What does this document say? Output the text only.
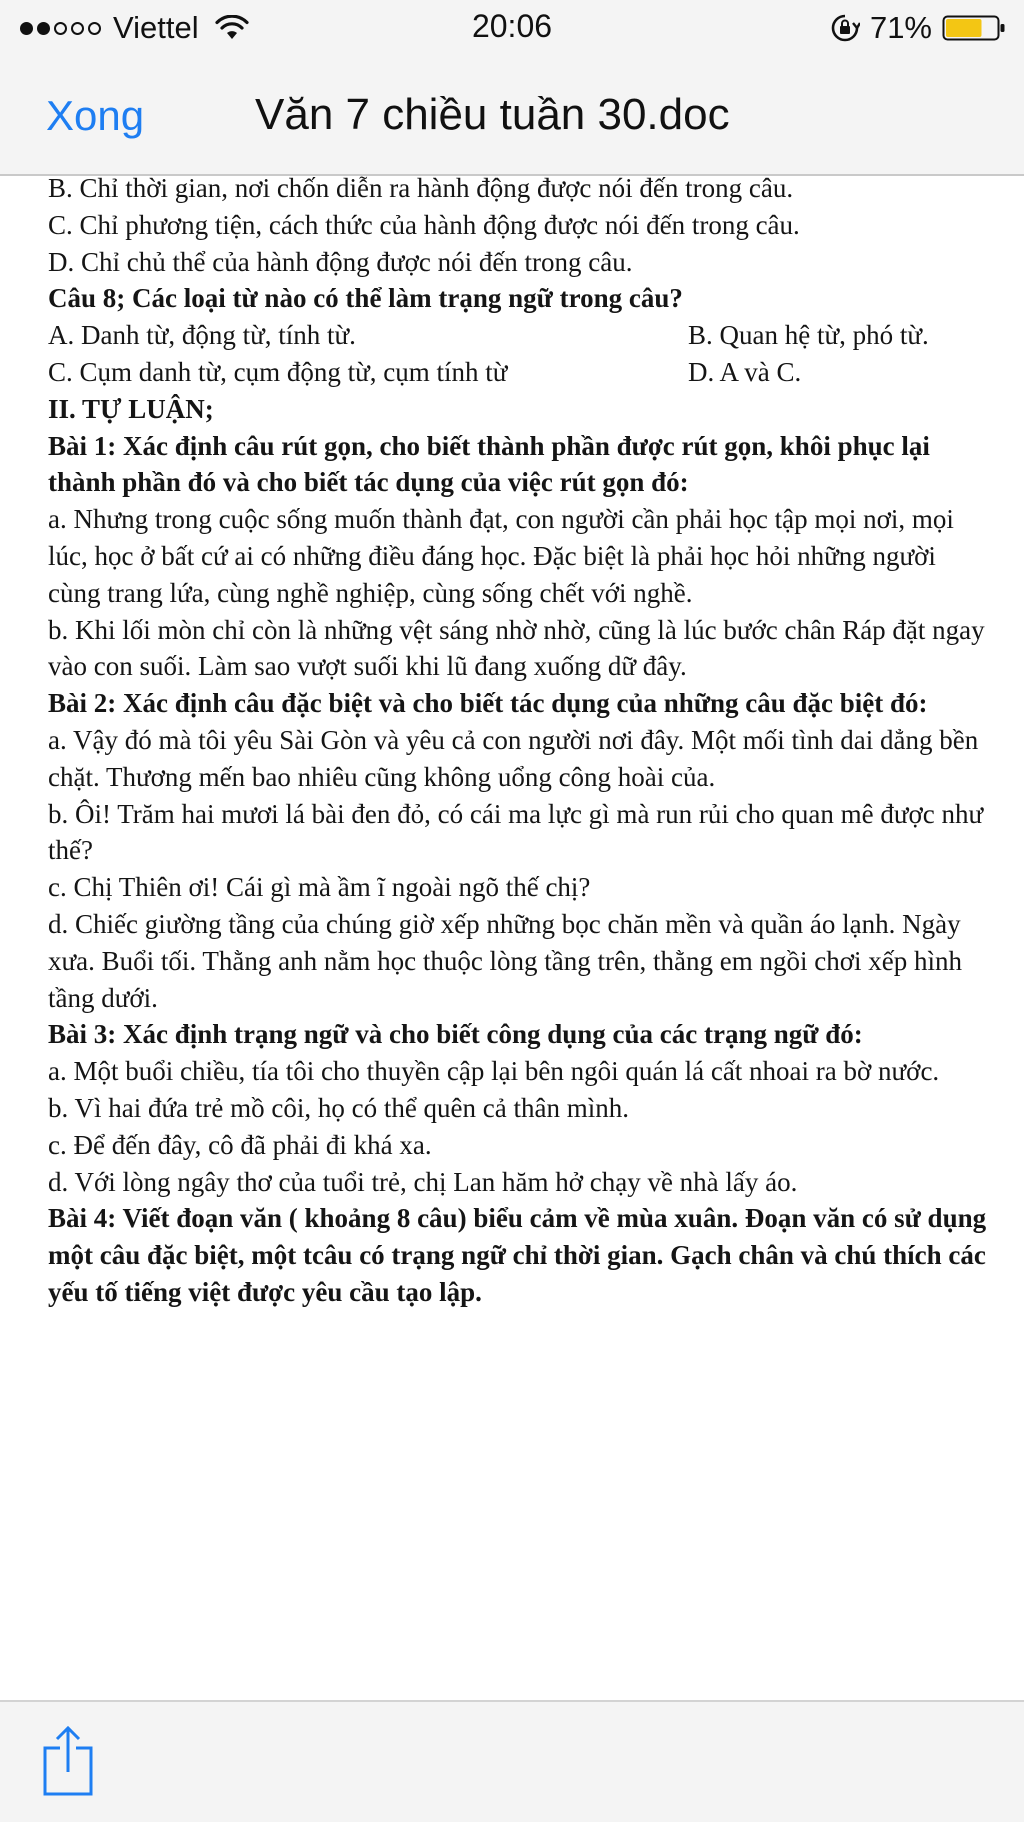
Viettel	20:06	71%
Xong	Văn 7 chiều tuần 30.doc

B. Chỉ thời gian, nơi chốn diễn ra hành động được nói đến trong câu.

C. Chỉ phương tiện, cách thức của hành động được nói đến trong câu.

D. Chỉ chủ thể của hành động được nói đến trong câu.

Câu 8; Các loại từ nào có thể làm trạng ngữ trong câu?

A. Danh từ, động từ, tính từ.	B. Quan hệ từ, phó từ.

C. Cụm danh từ, cụm động từ, cụm tính từ	D. A và C.

II. TỰ LUẬN;

Bài 1: Xác định câu rút gọn, cho biết thành phần được rút gọn, khôi phục lại thành phần đó và cho biết tác dụng của việc rút gọn đó:

a. Nhưng trong cuộc sống muốn thành đạt, con người cần phải học tập mọi nơi, mọi lúc, học ở bất cứ ai có những điều đáng học. Đặc biệt là phải học hỏi những người cùng trang lứa, cùng nghề nghiệp, cùng sống chết với nghề.

b. Khi lối mòn chỉ còn là những vệt sáng nhờ nhờ, cũng là lúc bước chân Ráp đặt ngay vào con suối. Làm sao vượt suối khi lũ đang xuống dữ đây.

Bài 2: Xác định câu đặc biệt và cho biết tác dụng của những câu đặc biệt đó:

a. Vậy đó mà tôi yêu Sài Gòn và yêu cả con người nơi đây. Một mối tình dai dẳng bền chặt. Thương mến bao nhiêu cũng không uổng công hoài của.

b. Ôi! Trăm hai mươi lá bài đen đỏ, có cái ma lực gì mà run rủi cho quan mê được như thế?

c. Chị Thiên ơi! Cái gì mà ầm ĩ ngoài ngõ thế chị?

d. Chiếc giường tầng của chúng giờ xếp những bọc chăn mền và quần áo lạnh. Ngày xưa. Buổi tối. Thằng anh nằm học thuộc lòng tầng trên, thằng em ngồi chơi xếp hình tầng dưới.

Bài 3: Xác định trạng ngữ và cho biết công dụng của các trạng ngữ đó:

a. Một buổi chiều, tía tôi cho thuyền cập lại bên ngôi quán lá cất nhoai ra bờ nước.

b. Vì hai đứa trẻ mồ côi, họ có thể quên cả thân mình.

c. Để đến đây, cô đã phải đi khá xa.

d. Với lòng ngây thơ của tuổi trẻ, chị Lan hăm hở chạy về nhà lấy áo.

Bài 4: Viết đoạn văn ( khoảng 8 câu) biểu cảm về mùa xuân. Đoạn văn có sử dụng một câu đặc biệt, một tcâu có trạng ngữ chỉ thời gian. Gạch chân và chú thích các yếu tố tiếng việt được yêu cầu tạo lập.
